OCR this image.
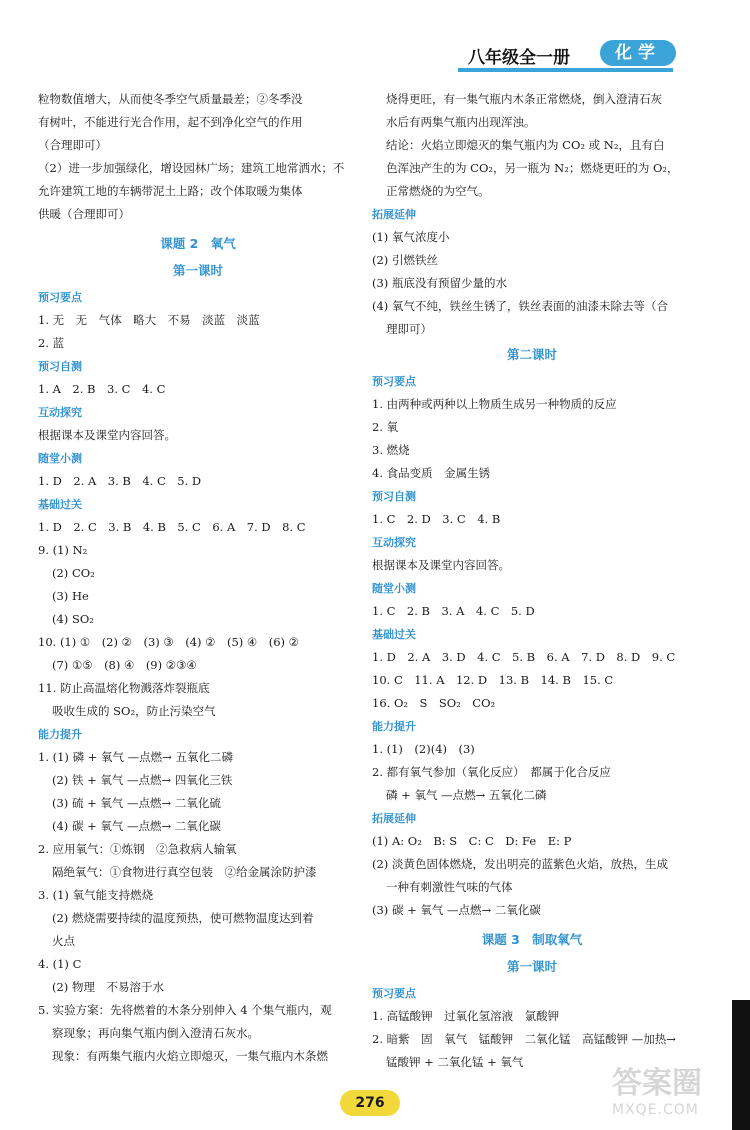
八年级全一册	化学
粒物数值增大，从而使冬季空气质量最差；②冬季没
有树叶，不能进行光合作用，起不到净化空气的作用
（合理即可）
（2）进一步加强绿化，增设园林广场；建筑工地常洒水；不
允许建筑工地的车辆带泥土上路；改个体取暖为集体
供暖（合理即可）
课题 2　氧气
第一课时
预习要点
1. 无　无　气体　略大　不易　淡蓝　淡蓝
2. 蓝
预习自测
1. A　2. B　3. C　4. C
互动探究
根据课本及课堂内容回答。
随堂小测
1. D　2. A　3. B　4. C　5. D
基础过关
1. D　2. C　3. B　4. B　5. C　6. A　7. D　8. C
9. (1) N₂
(2) CO₂
(3) He
(4) SO₂
10. (1) ①　(2) ②　(3) ③　(4) ②　(5) ④　(6) ②
(7) ①⑤　(8) ④　(9) ②③④
11. 防止高温熔化物溅落炸裂瓶底
吸收生成的 SO₂，防止污染空气
能力提升
1. (1) 磷 + 氧气 —点燃→ 五氧化二磷
(2) 铁 + 氧气 —点燃→ 四氧化三铁
(3) 硫 + 氧气 —点燃→ 二氧化硫
(4) 碳 + 氧气 —点燃→ 二氧化碳
2. 应用氧气：①炼钢　②急救病人输氧
隔绝氧气：①食物进行真空包装　②给金属涂防护漆
3. (1) 氧气能支持燃烧
(2) 燃烧需要持续的温度预热，使可燃物温度达到着
火点
4. (1) C
(2) 物理　不易溶于水
5. 实验方案：先将燃着的木条分别伸入 4 个集气瓶内，观
察现象；再向集气瓶内倒入澄清石灰水。
现象：有两集气瓶内火焰立即熄灭，一集气瓶内木条燃
烧得更旺，有一集气瓶内木条正常燃烧，倒入澄清石灰
水后有两集气瓶内出现浑浊。
结论：火焰立即熄灭的集气瓶内为 CO₂ 或 N₂，且有白
色浑浊产生的为 CO₂，另一瓶为 N₂；燃烧更旺的为 O₂，
正常燃烧的为空气。
拓展延伸
(1) 氧气浓度小
(2) 引燃铁丝
(3) 瓶底没有预留少量的水
(4) 氧气不纯，铁丝生锈了，铁丝表面的油漆未除去等（合
理即可）
第二课时
预习要点
1. 由两种或两种以上物质生成另一种物质的反应
2. 氧
3. 燃烧
4. 食品变质　金属生锈
预习自测
1. C　2. D　3. C　4. B
互动探究
根据课本及课堂内容回答。
随堂小测
1. C　2. B　3. A　4. C　5. D
基础过关
1. D　2. A　3. D　4. C　5. B　6. A　7. D　8. D　9. C
10. C　11. A　12. D　13. B　14. B　15. C
16. O₂　S　SO₂　CO₂
能力提升
1. (1)　(2)(4)　(3)
2. 都有氧气参加（氧化反应）　都属于化合反应
磷 + 氧气 —点燃→ 五氧化二磷
拓展延伸
(1) A: O₂　B: S　C: C　D: Fe　E: P
(2) 淡黄色固体燃烧，发出明亮的蓝紫色火焰，放热，生成
一种有刺激性气味的气体
(3) 碳 + 氧气 —点燃→ 二氧化碳
课题 3　制取氧气
第一课时
预习要点
1. 高锰酸钾　过氧化氢溶液　氯酸钾
2. 暗紫　固　氧气　锰酸钾　二氧化锰　高锰酸钾 —加热→
锰酸钾 + 二氧化锰 + 氧气
276
答案圈
MXQE.COM
